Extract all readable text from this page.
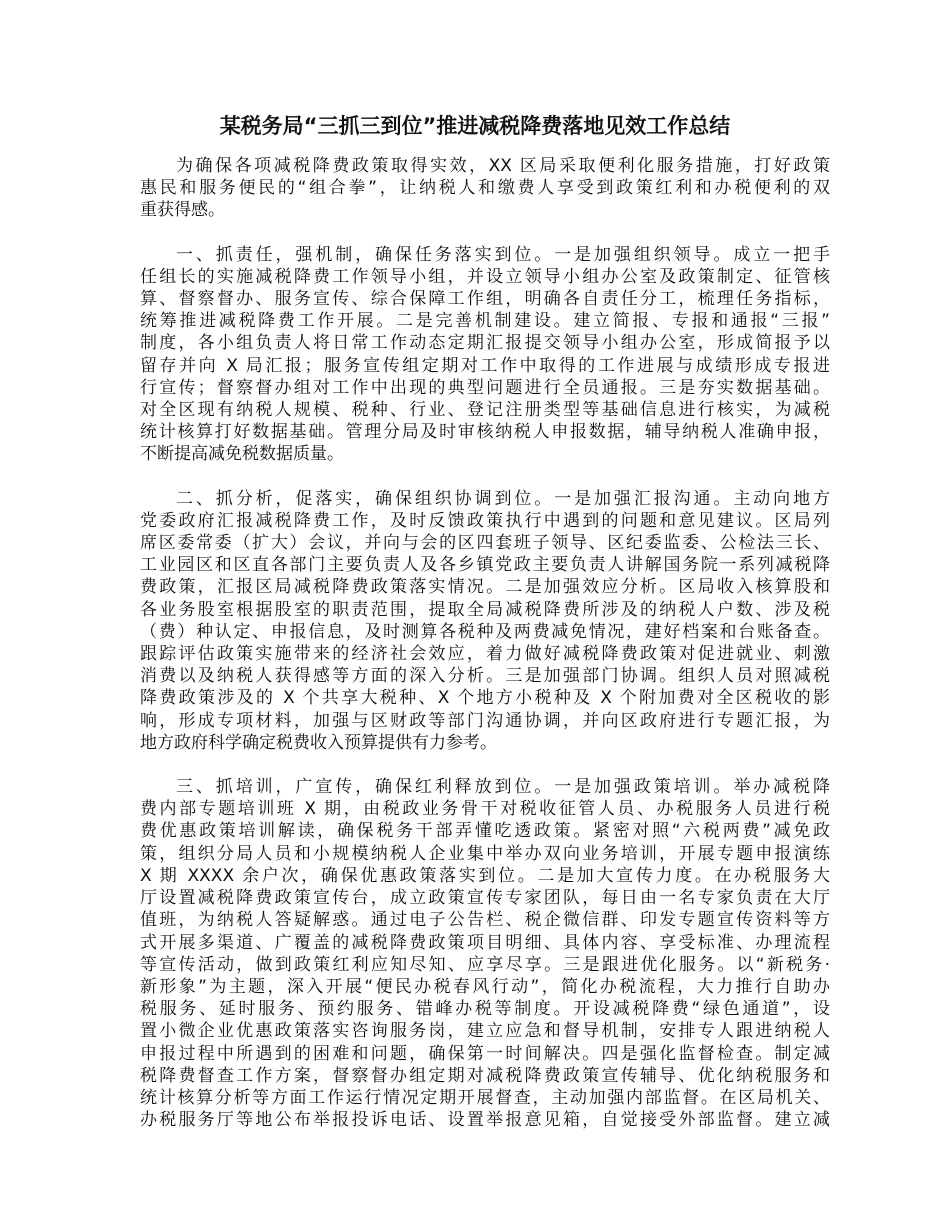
某税务局“三抓三到位”推进减税降费落地见效工作总结
为确保各项减税降费政策取得实效，XX 区局采取便利化服务措施，打好政策
惠民和服务便民的“组合拳”，让纳税人和缴费人享受到政策红利和办税便利的双
重获得感。
一、抓责任，强机制，确保任务落实到位。一是加强组织领导。成立一把手
任组长的实施减税降费工作领导小组，并设立领导小组办公室及政策制定、征管核
算、督察督办、服务宣传、综合保障工作组，明确各自责任分工，梳理任务指标，
统筹推进减税降费工作开展。二是完善机制建设。建立简报、专报和通报“三报”
制度，各小组负责人将日常工作动态定期汇报提交领导小组办公室，形成简报予以
留存并向 X 局汇报；服务宣传组定期对工作中取得的工作进展与成绩形成专报进
行宣传；督察督办组对工作中出现的典型问题进行全员通报。三是夯实数据基础。
对全区现有纳税人规模、税种、行业、登记注册类型等基础信息进行核实，为减税
统计核算打好数据基础。管理分局及时审核纳税人申报数据，辅导纳税人准确申报，
不断提高减免税数据质量。
二、抓分析，促落实，确保组织协调到位。一是加强汇报沟通。主动向地方
党委政府汇报减税降费工作，及时反馈政策执行中遇到的问题和意见建议。区局列
席区委常委（扩大）会议，并向与会的区四套班子领导、区纪委监委、公检法三长、
工业园区和区直各部门主要负责人及各乡镇党政主要负责人讲解国务院一系列减税降
费政策，汇报区局减税降费政策落实情况。二是加强效应分析。区局收入核算股和
各业务股室根据股室的职责范围，提取全局减税降费所涉及的纳税人户数、涉及税
（费）种认定、申报信息，及时测算各税种及两费减免情况，建好档案和台账备查。
跟踪评估政策实施带来的经济社会效应，着力做好减税降费政策对促进就业、刺激
消费以及纳税人获得感等方面的深入分析。三是加强部门协调。组织人员对照减税
降费政策涉及的 X 个共享大税种、X 个地方小税种及 X 个附加费对全区税收的影
响，形成专项材料，加强与区财政等部门沟通协调，并向区政府进行专题汇报，为
地方政府科学确定税费收入预算提供有力参考。
三、抓培训，广宣传，确保红利释放到位。一是加强政策培训。举办减税降
费内部专题培训班 X 期，由税政业务骨干对税收征管人员、办税服务人员进行税
费优惠政策培训解读，确保税务干部弄懂吃透政策。紧密对照“六税两费”减免政
策，组织分局人员和小规模纳税人企业集中举办双向业务培训，开展专题申报演练
X 期 XXXX 余户次，确保优惠政策落实到位。二是加大宣传力度。在办税服务大
厅设置减税降费政策宣传台，成立政策宣传专家团队，每日由一名专家负责在大厅
值班，为纳税人答疑解惑。通过电子公告栏、税企微信群、印发专题宣传资料等方
式开展多渠道、广覆盖的减税降费政策项目明细、具体内容、享受标准、办理流程
等宣传活动，做到政策红利应知尽知、应享尽享。三是跟进优化服务。以“新税务·
新形象”为主题，深入开展“便民办税春风行动”，简化办税流程，大力推行自助办
税服务、延时服务、预约服务、错峰办税等制度。开设减税降费“绿色通道”，设
置小微企业优惠政策落实咨询服务岗，建立应急和督导机制，安排专人跟进纳税人
申报过程中所遇到的困难和问题，确保第一时间解决。四是强化监督检查。制定减
税降费督查工作方案，督察督办组定期对减税降费政策宣传辅导、优化纳税服务和
统计核算分析等方面工作运行情况定期开展督查，主动加强内部监督。在区局机关、
办税服务厅等地公布举报投诉电话、设置举报意见箱，自觉接受外部监督。建立减
